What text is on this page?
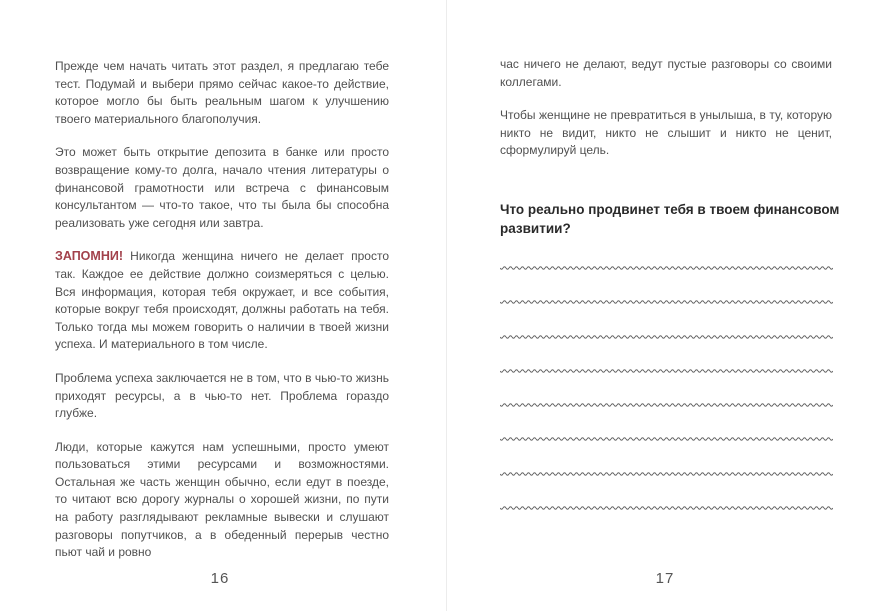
Прежде чем начать читать этот раздел, я предлагаю тебе тест. Подумай и выбери прямо сейчас какое-то действие, которое могло бы быть реальным шагом к улучшению твоего материального благополучия.

Это может быть открытие депозита в банке или просто возвращение кому-то долга, начало чтения литературы о финансовой грамотности или встреча с финансовым консультантом — что-то такое, что ты была бы способна реализовать уже сегодня или завтра.

ЗАПОМНИ! Никогда женщина ничего не делает просто так. Каждое ее действие должно соизмеряться с целью. Вся информация, которая тебя окружает, и все события, которые вокруг тебя происходят, должны работать на тебя. Только тогда мы можем говорить о наличии в твоей жизни успеха. И материального в том числе.

Проблема успеха заключается не в том, что в чью-то жизнь приходят ресурсы, а в чью-то нет. Проблема гораздо глубже.

Люди, которые кажутся нам успешными, просто умеют пользоваться этими ресурсами и возможностями. Остальная же часть женщин обычно, если едут в поезде, то читают всю дорогу журналы о хорошей жизни, по пути на работу разглядывают рекламные вывески и слушают разговоры попутчиков, а в обеденный перерыв честно пьют чай и ровно

16

час ничего не делают, ведут пустые разговоры со своими коллегами.

Чтобы женщине не превратиться в унылыша, в ту, которую никто не видит, никто не слышит и никто не ценит, сформулируй цель.

Что реально продвинет тебя в твоем финансовом развитии?

17
